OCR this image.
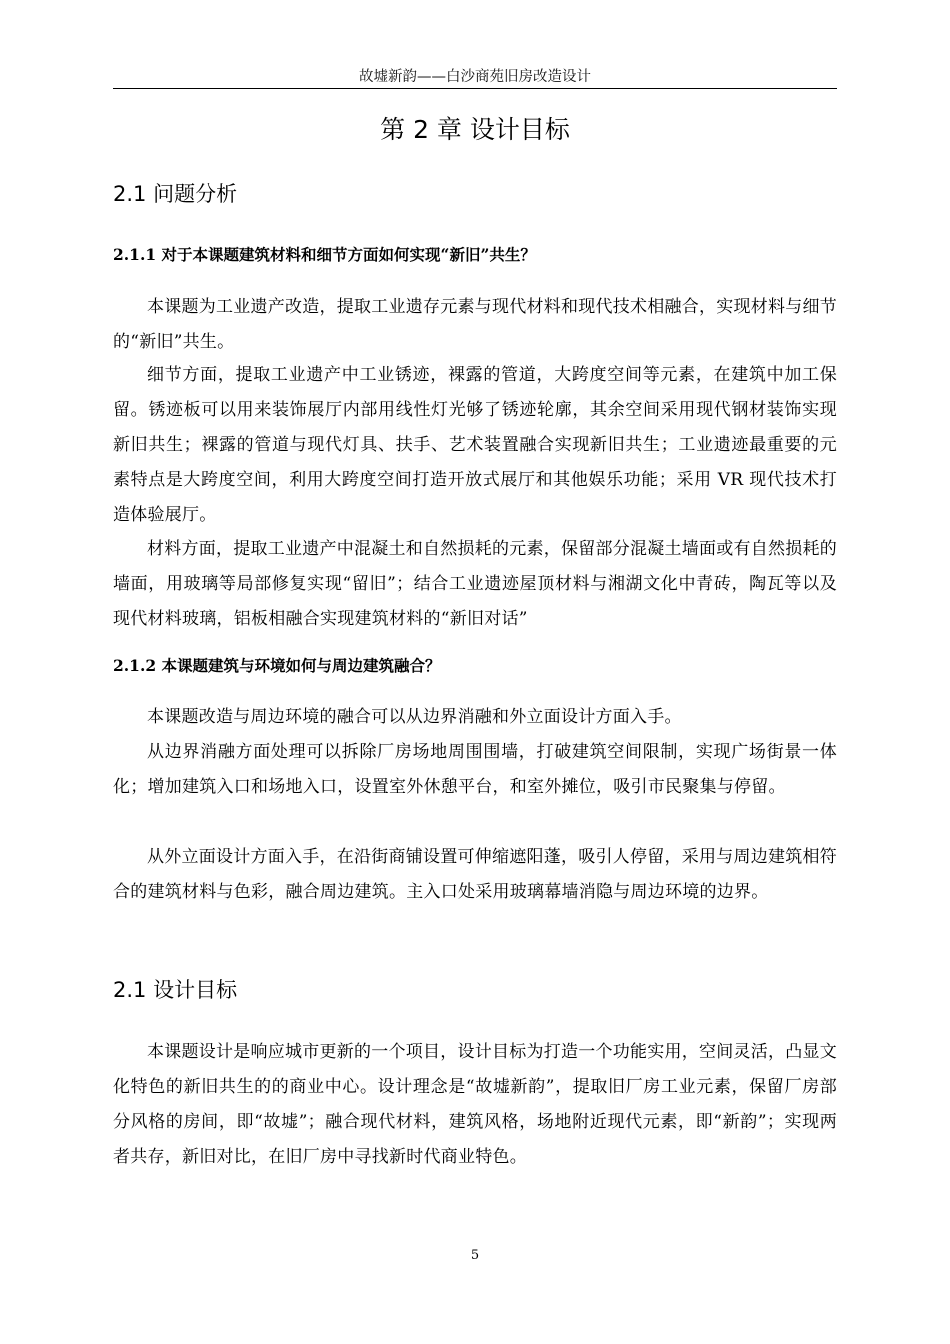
故墟新韵——白沙商苑旧房改造设计
第 2 章 设计目标
2.1 问题分析
2.1.1 对于本课题建筑材料和细节方面如何实现“新旧”共生？
本课题为工业遗产改造，提取工业遗存元素与现代材料和现代技术相融合，实现材料与细节的“新旧”共生。
细节方面，提取工业遗产中工业锈迹，裸露的管道，大跨度空间等元素，在建筑中加工保留。锈迹板可以用来装饰展厅内部用线性灯光够了锈迹轮廓，其余空间采用现代钢材装饰实现新旧共生；裸露的管道与现代灯具、扶手、艺术装置融合实现新旧共生；工业遗迹最重要的元素特点是大跨度空间，利用大跨度空间打造开放式展厅和其他娱乐功能；采用 VR 现代技术打造体验展厅。
材料方面，提取工业遗产中混凝土和自然损耗的元素，保留部分混凝土墙面或有自然损耗的墙面，用玻璃等局部修复实现“留旧”；结合工业遗迹屋顶材料与湘湖文化中青砖，陶瓦等以及现代材料玻璃，铝板相融合实现建筑材料的“新旧对话”
2.1.2 本课题建筑与环境如何与周边建筑融合？
本课题改造与周边环境的融合可以从边界消融和外立面设计方面入手。
从边界消融方面处理可以拆除厂房场地周围围墙，打破建筑空间限制，实现广场街景一体化；增加建筑入口和场地入口，设置室外休憩平台，和室外摊位，吸引市民聚集与停留。
从外立面设计方面入手，在沿街商铺设置可伸缩遮阳蓬，吸引人停留，采用与周边建筑相符合的建筑材料与色彩，融合周边建筑。主入口处采用玻璃幕墙消隐与周边环境的边界。
2.1 设计目标
本课题设计是响应城市更新的一个项目，设计目标为打造一个功能实用，空间灵活，凸显文化特色的新旧共生的的商业中心。设计理念是“故墟新韵”，提取旧厂房工业元素，保留厂房部分风格的房间，即“故墟”；融合现代材料，建筑风格，场地附近现代元素，即“新韵”；实现两者共存，新旧对比，在旧厂房中寻找新时代商业特色。
5
